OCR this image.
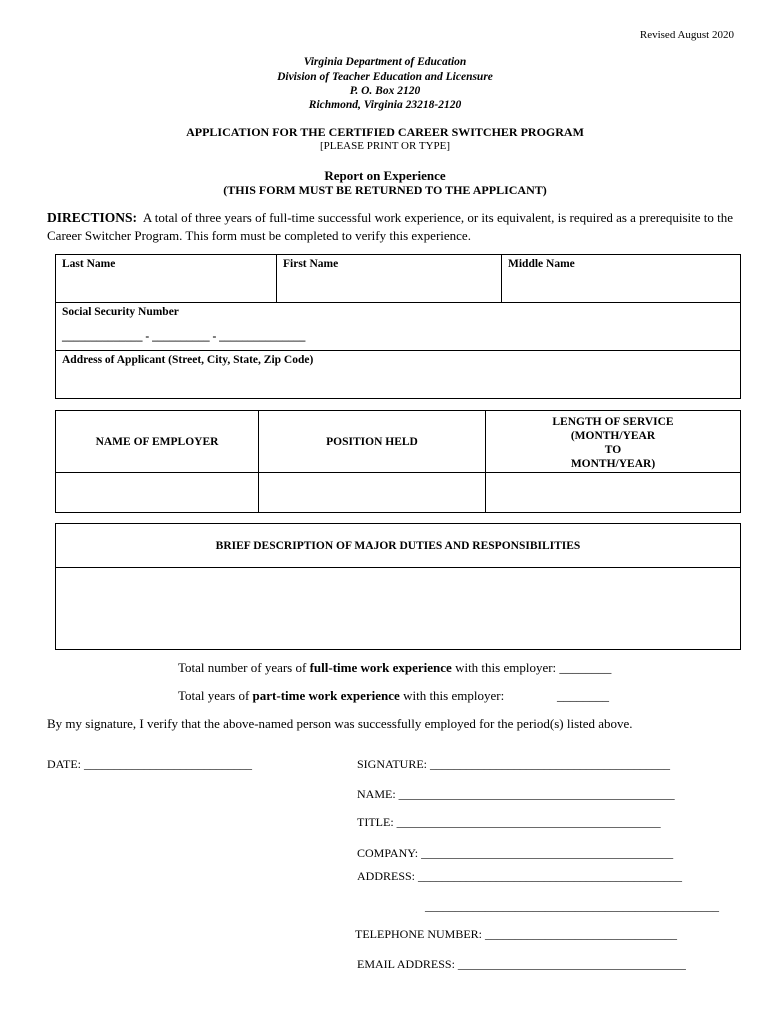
Revised August 2020
Virginia Department of Education
Division of Teacher Education and Licensure
P. O. Box 2120
Richmond, Virginia 23218-2120
APPLICATION FOR THE CERTIFIED CAREER SWITCHER PROGRAM
[PLEASE PRINT OR TYPE]
Report on Experience
(THIS FORM MUST BE RETURNED TO THE APPLICANT)
DIRECTIONS: A total of three years of full-time successful work experience, or its equivalent, is required as a prerequisite to the Career Switcher Program. This form must be completed to verify this experience.
Last Name	First Name	Middle Name

Social Security Number
______________ - __________ - _______________

Address of Applicant (Street, City, State, Zip Code)
NAME OF EMPLOYER	POSITION HELD	LENGTH OF SERVICE
(MONTH/YEAR
TO
MONTH/YEAR)

BRIEF DESCRIPTION OF MAJOR DUTIES AND RESPONSIBILITIES

Total number of years of full-time work experience with this employer: ________
Total years of part-time work experience with this employer:	________
By my signature, I verify that the above-named person was successfully employed for the period(s) listed above.
DATE: ____________________________	SIGNATURE: ________________________________________
NAME: ______________________________________________
TITLE: ____________________________________________
COMPANY: __________________________________________
ADDRESS: ____________________________________________
_________________________________________________
TELEPHONE NUMBER: ________________________________
EMAIL ADDRESS: ______________________________________
